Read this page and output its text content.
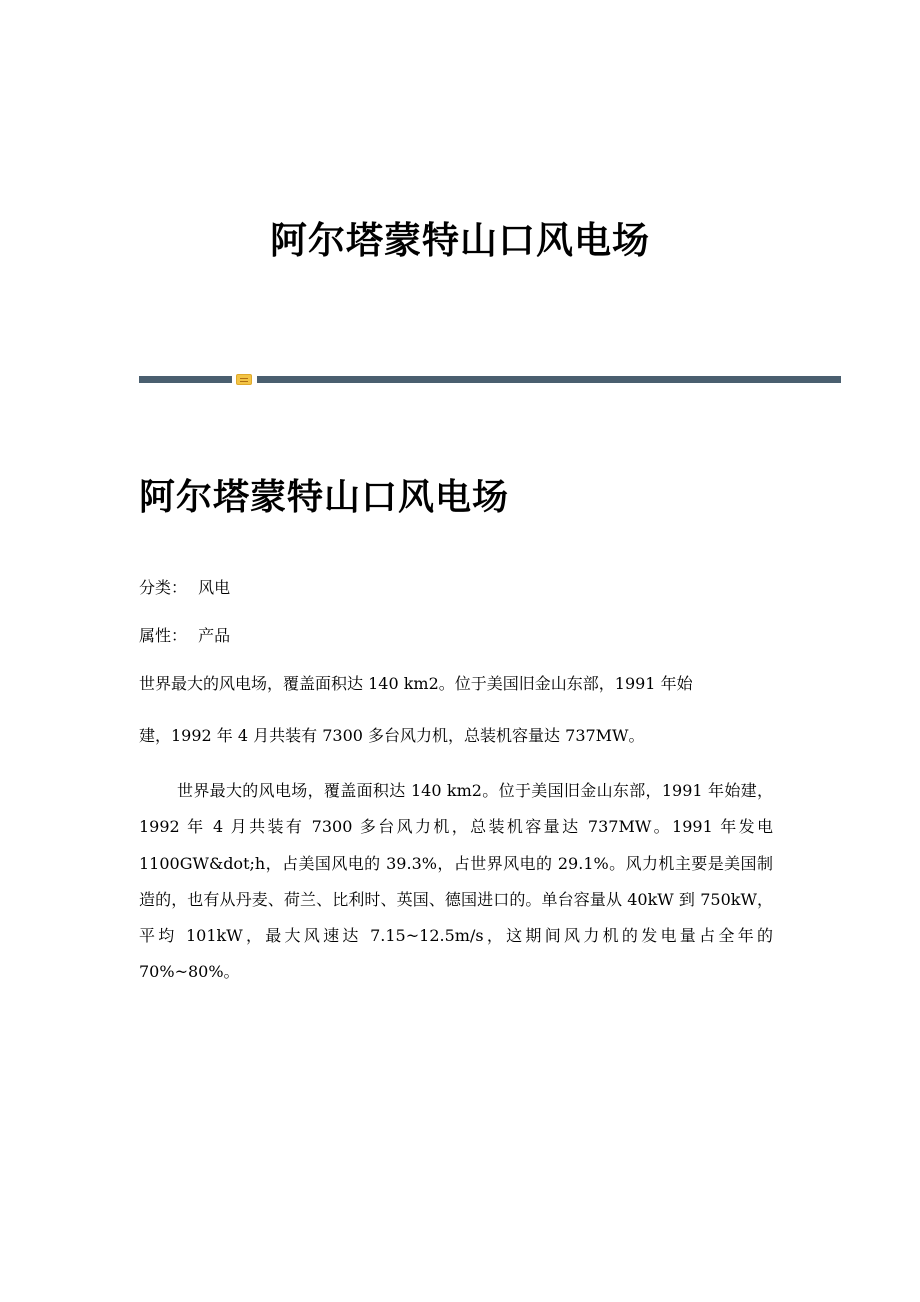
阿尔塔蒙特山口风电场
阿尔塔蒙特山口风电场
分类： 风电
属性： 产品

世界最大的风电场，覆盖面积达 140 km2。位于美国旧金山东部，1991 年始
建，1992 年 4 月共装有 7300 多台风力机，总装机容量达 737MW。

世界最大的风电场，覆盖面积达 140 km2。位于美国旧金山东部，1991 年始建，1992 年 4 月共装有 7300 多台风力机，总装机容量达 737MW。1991 年发电 1100GW&dot;h，占美国风电的 39.3%，占世界风电的 29.1%。风力机主要是美国制造的，也有从丹麦、荷兰、比利时、英国、德国进口的。单台容量从 40kW 到 750kW，平均 101kW，最大风速达 7.15~12.5m/s，这期间风力机的发电量占全年的 70%~80%。
